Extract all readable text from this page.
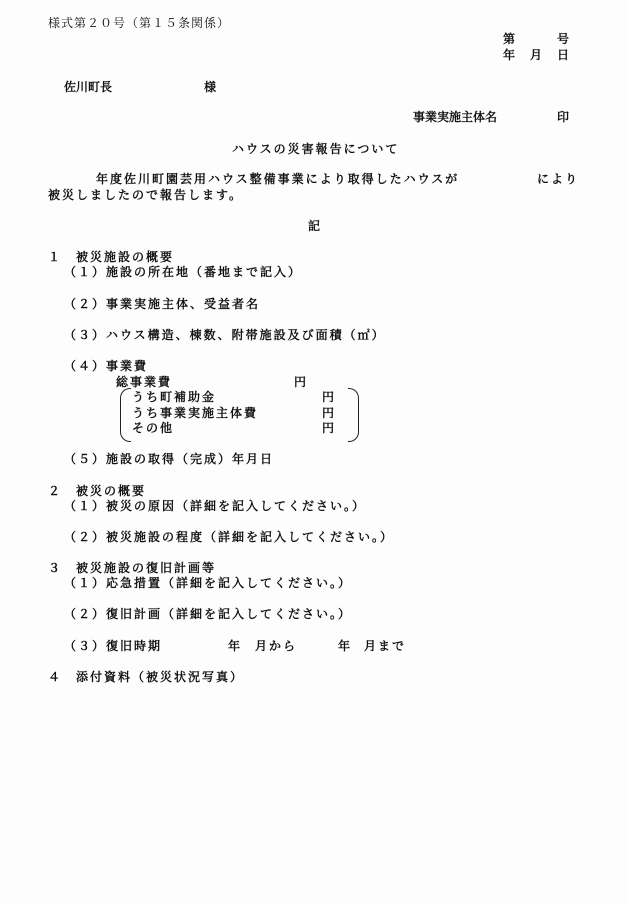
様式第２０号（第１５条関係）
第	号
年 月 日
佐川町長	様
事業実施主体名	印
ハウスの災害報告について
年度佐川町園芸用ハウス整備事業により取得したハウスが	により
被災しましたので報告します。
記
１　被災施設の概要
（１）施設の所在地（番地まで記入）
（２）事業実施主体、受益者名
（３）ハウス構造、棟数、附帯施設及び面積（㎡）
（４）事業費
総事業費	円
うち町補助金	円
うち事業実施主体費	円
その他	円
（５）施設の取得（完成）年月日
２　被災の概要
（１）被災の原因（詳細を記入してください。）
（２）被災施設の程度（詳細を記入してください。）
３　被災施設の復旧計画等
（１）応急措置（詳細を記入してください。）
（２）復旧計画（詳細を記入してください。）
（３）復旧時期	年 月から	年 月まで
４　添付資料（被災状況写真）
